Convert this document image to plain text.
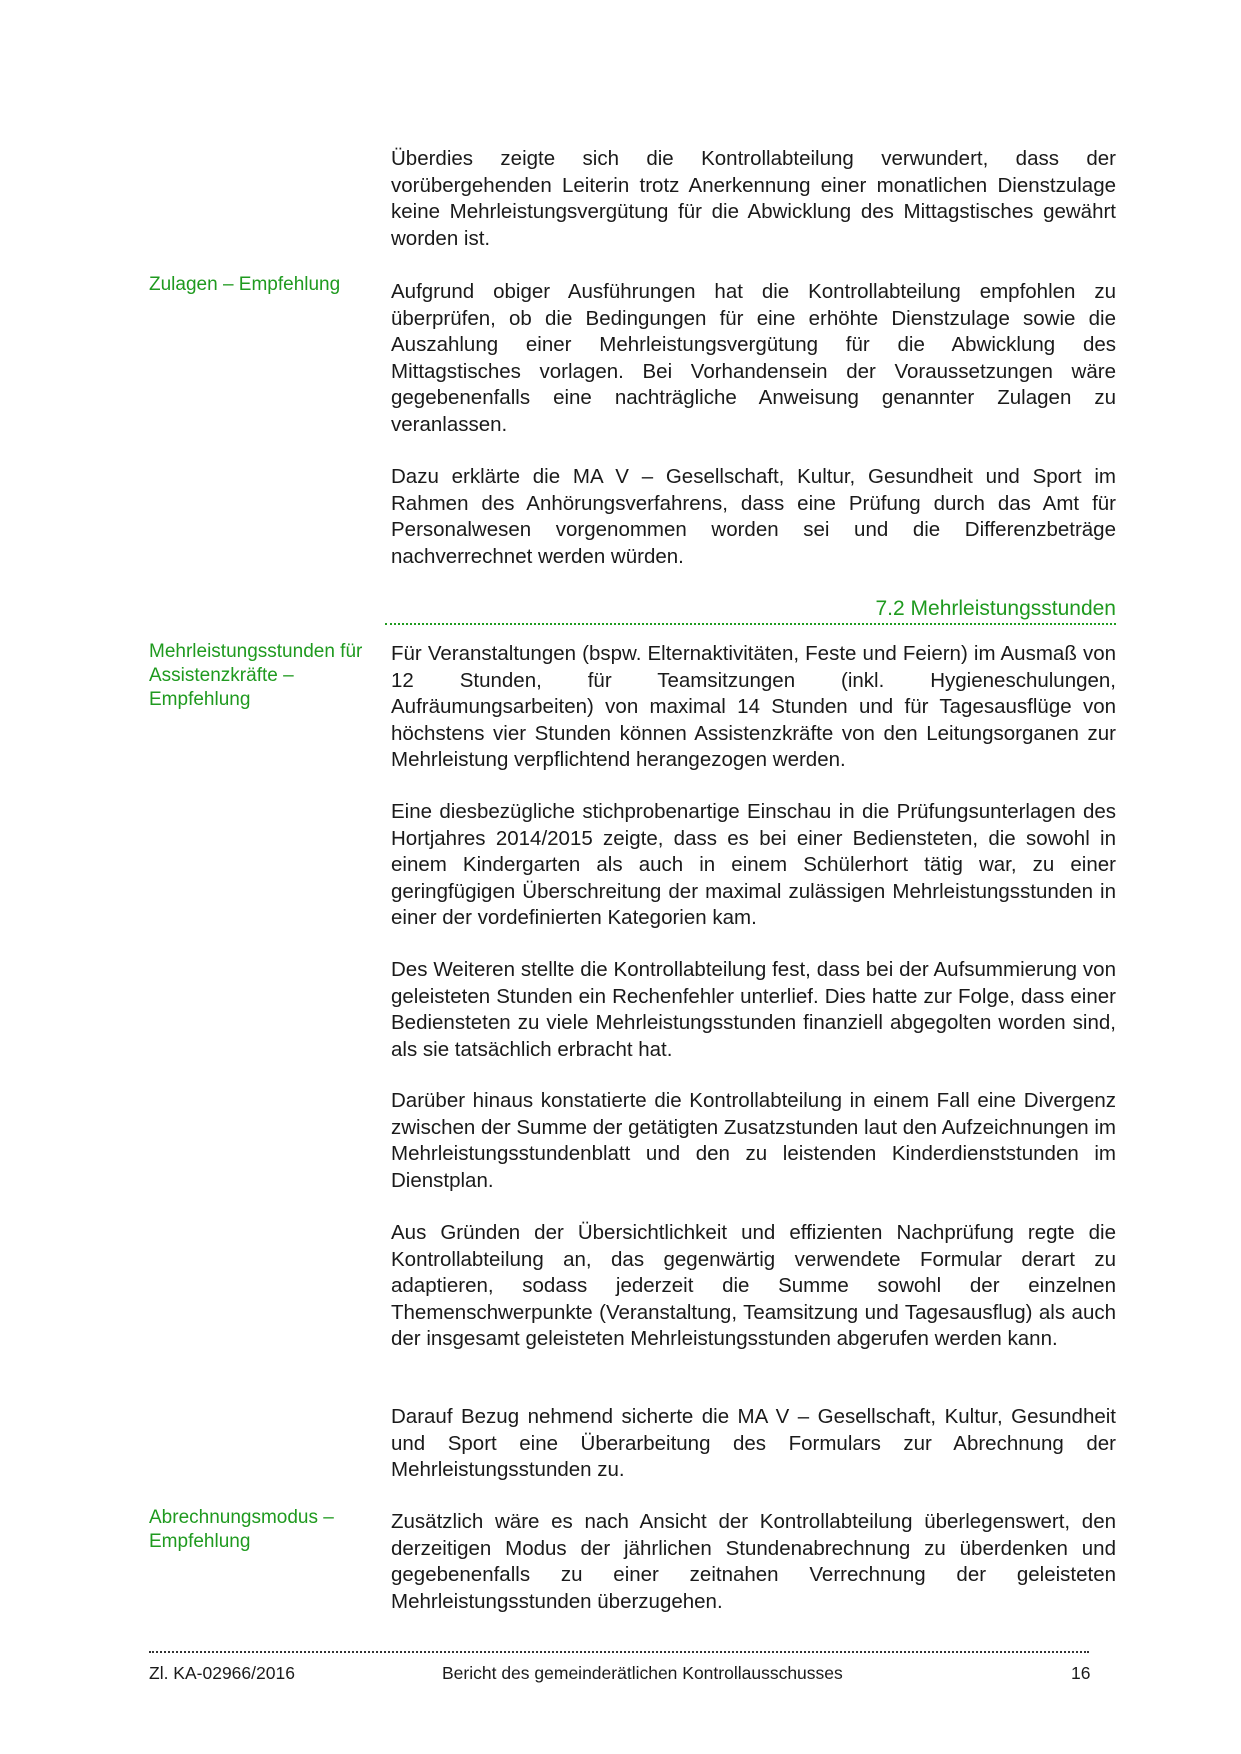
Überdies zeigte sich die Kontrollabteilung verwundert, dass der vorübergehenden Leiterin trotz Anerkennung einer monatlichen Dienstzulage keine Mehrleistungsvergütung für die Abwicklung des Mittagstisches gewährt worden ist.

Zulagen – Empfehlung	Aufgrund obiger Ausführungen hat die Kontrollabteilung empfohlen zu überprüfen, ob die Bedingungen für eine erhöhte Dienstzulage sowie die Auszahlung einer Mehrleistungsvergütung für die Abwicklung des Mittagstisches vorlagen. Bei Vorhandensein der Voraussetzungen wäre gegebenenfalls eine nachträgliche Anweisung genannter Zulagen zu veranlassen.

Dazu erklärte die MA V – Gesellschaft, Kultur, Gesundheit und Sport im Rahmen des Anhörungsverfahrens, dass eine Prüfung durch das Amt für Personalwesen vorgenommen worden sei und die Differenzbeträge nachverrechnet werden würden.

7.2 Mehrleistungsstunden
Mehrleistungsstunden für Assistenzkräfte – Empfehlung

Für Veranstaltungen (bspw. Elternaktivitäten, Feste und Feiern) im Ausmaß von 12 Stunden, für Teamsitzungen (inkl. Hygieneschulungen, Aufräumungsarbeiten) von maximal 14 Stunden und für Tagesausflüge von höchstens vier Stunden können Assistenzkräfte von den Leitungsorganen zur Mehrleistung verpflichtend herangezogen werden.

Eine diesbezügliche stichprobenartige Einschau in die Prüfungsunterlagen des Hortjahres 2014/2015 zeigte, dass es bei einer Bediensteten, die sowohl in einem Kindergarten als auch in einem Schülerhort tätig war, zu einer geringfügigen Überschreitung der maximal zulässigen Mehrleistungsstunden in einer der vordefinierten Kategorien kam.

Des Weiteren stellte die Kontrollabteilung fest, dass bei der Aufsummierung von geleisteten Stunden ein Rechenfehler unterlief. Dies hatte zur Folge, dass einer Bediensteten zu viele Mehrleistungsstunden finanziell abgegolten worden sind, als sie tatsächlich erbracht hat.

Darüber hinaus konstatierte die Kontrollabteilung in einem Fall eine Divergenz zwischen der Summe der getätigten Zusatzstunden laut den Aufzeichnungen im Mehrleistungsstundenblatt und den zu leistenden Kinderdienststunden im Dienstplan.

Aus Gründen der Übersichtlichkeit und effizienten Nachprüfung regte die Kontrollabteilung an, das gegenwärtig verwendete Formular derart zu adaptieren, sodass jederzeit die Summe sowohl der einzelnen Themenschwerpunkte (Veranstaltung, Teamsitzung und Tagesausflug) als auch der insgesamt geleisteten Mehrleistungsstunden abgerufen werden kann.

Darauf Bezug nehmend sicherte die MA V – Gesellschaft, Kultur, Gesundheit und Sport eine Überarbeitung des Formulars zur Abrechnung der Mehrleistungsstunden zu.

Abrechnungsmodus – Empfehlung

Zusätzlich wäre es nach Ansicht der Kontrollabteilung überlegenswert, den derzeitigen Modus der jährlichen Stundenabrechnung zu überdenken und gegebenenfalls zu einer zeitnahen Verrechnung der geleisteten Mehrleistungsstunden überzugehen.

Zl. KA-02966/2016	Bericht des gemeinderätlichen Kontrollausschusses	16
